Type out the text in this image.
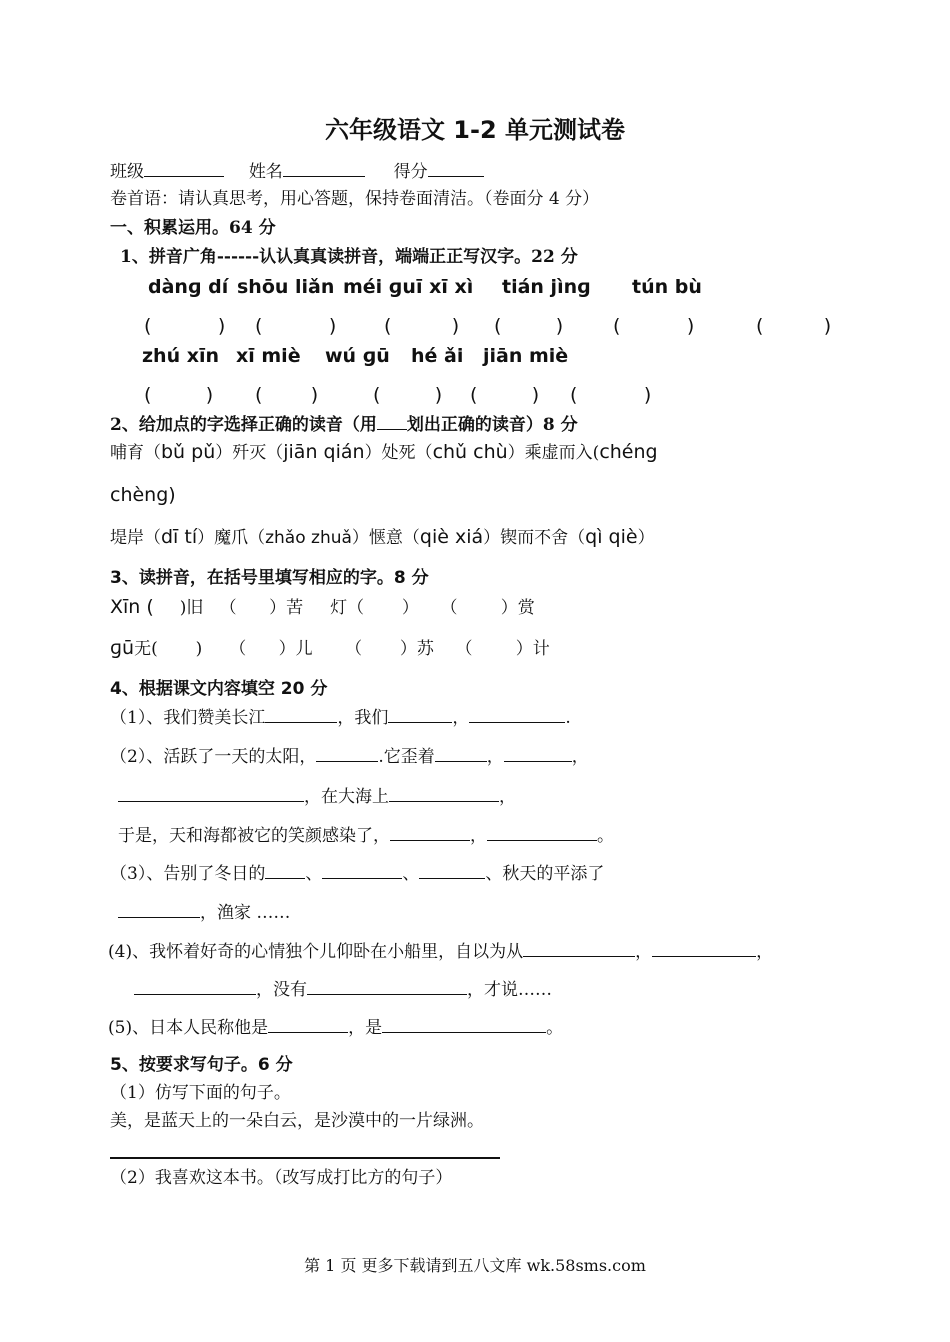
六年级语文 1-2 单元测试卷
班级	姓名	得分
卷首语：请认真思考，用心答题，保持卷面清洁。（卷面分 4 分）
一、积累运用。64 分
1、拼音广角------认认真真读拼音，端端正正写汉字。22 分
dànɡ dí shōu liǎn méi ɡuī xī xì tián jìnɡ tún bù
(           ) (           )	(          ) (         )	(           )	(          )
zhú xīn xī miè wú ɡū hé ǎi jiān miè
(         ) (        )	(         ) (         ) (           )
2、给加点的字选择正确的读音（用 划出正确的读音）8 分
哺育（bǔ pǔ）歼灭（jiān qián）处死（chǔ chù）乘虚而入(chéng
chèng)
堤岸（dī tí）魔爪（zhǎo zhuǎ）惬意（qiè xiá）锲而不舍（qì qiè）
3、读拼音，在括号里填写相应的字。8 分
Xīn ( )旧   （      ）苦     灯（       ）    （        ）赏
ɡū无(       )     （      ）儿      （       ）苏    （        ）计
4、根据课文内容填空 20 分
（1）、我们赞美长江	，我们	，	.
（2）、活跃了一天的太阳，	.它歪着	，	，
，在大海上	，
于是，天和海都被它的笑颜感染了，	，	。
（3）、告别了冬日的 、	、	、秋天的平添了
，渔家 ……
(4)、我怀着好奇的心情独个儿仰卧在小船里，自以为从	，	，
，没有	，才说……
(5)、日本人民称他是	，是	。
5、按要求写句子。6 分
（1）仿写下面的句子。
美，是蓝天上的一朵白云，是沙漠中的一片绿洲。
（2）我喜欢这本书。（改写成打比方的句子）
第 1 页 更多下载请到五八文库 wk.58sms.com
